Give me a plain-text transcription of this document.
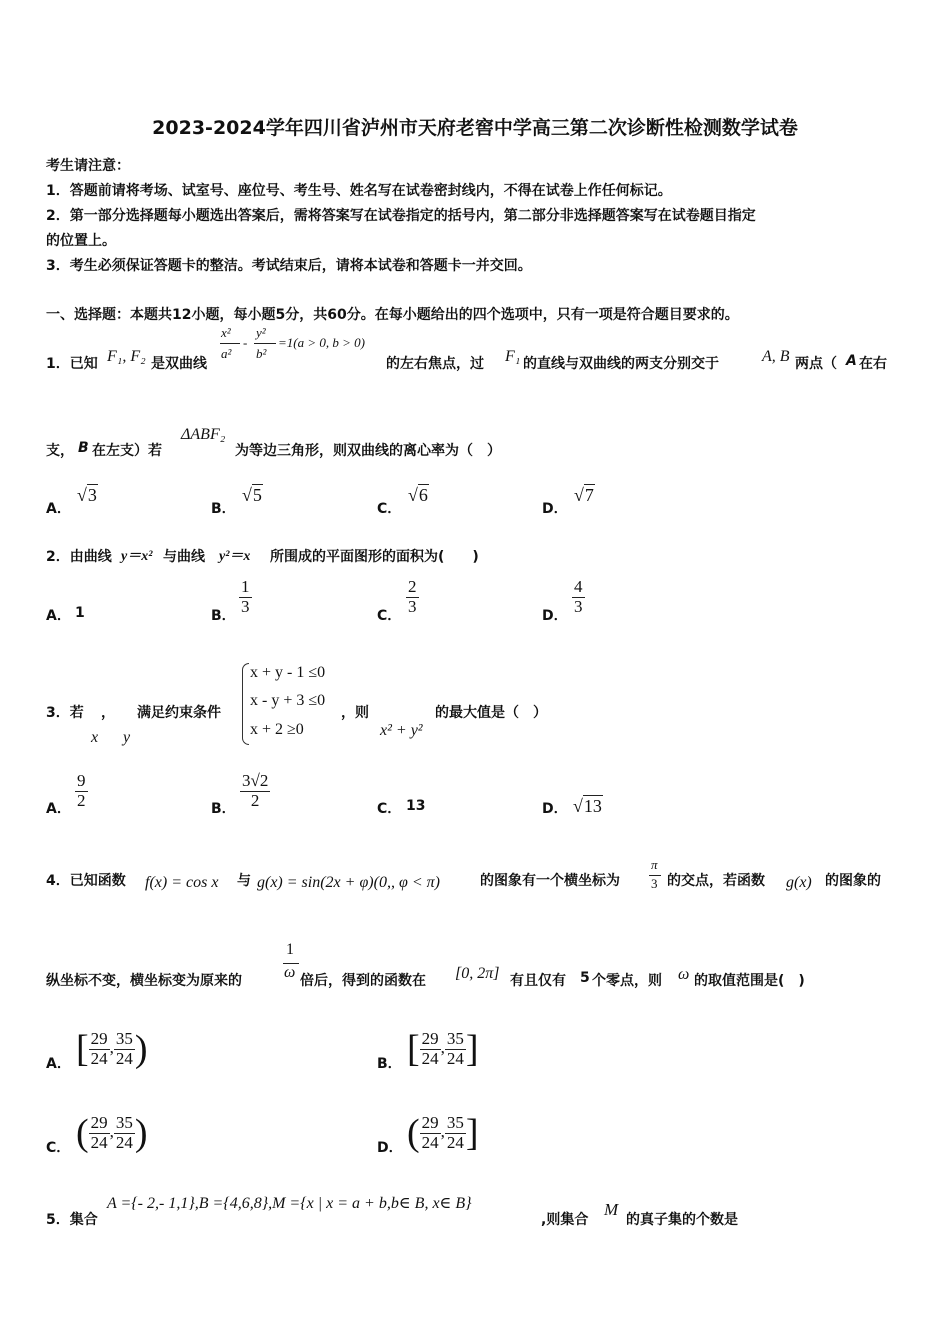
2023-2024学年四川省泸州市天府老窖中学高三第二次诊断性检测数学试卷
考生请注意：
1．答题前请将考场、试室号、座位号、考生号、姓名写在试卷密封线内，不得在试卷上作任何标记。
2．第一部分选择题每小题选出答案后，需将答案写在试卷指定的括号内，第二部分非选择题答案写在试卷题目指定
的位置上。
3．考生必须保证答题卡的整洁。考试结束后，请将本试卷和答题卡一并交回。
一、选择题：本题共12小题，每小题5分，共60分。在每小题给出的四个选项中，只有一项是符合题目要求的。
1．已知 F₁, F₂ 是双曲线
x²
a²
-
y²
b²
=1(a > 0, b > 0)
的左右焦点，过 F₁ 的直线与双曲线的两支分别交于	A, B 两点（ A 在右
支， B 在左支）若
ΔABF₂
为等边三角形，则双曲线的离心率为（　）
A．
√3
B．
√5
C．
√6
D．
√7
2．由曲线 y＝x² 与曲线 y²＝x 所围成的平面图形的面积为(　　)
A． 1	B． $\frac{1}{3}$	C． $\frac{2}{3}$	D． $\frac{4}{3}$
3．若 ， 满足约束条件
x y
x + y - 1 ≤0
x - y + 3 ≤0
x + 2 ≥0
，则
x² + y²
的最大值是（　）
A． $\frac{9}{2}$	B． $\frac{3√2}{2}$	C． 13	D． √13
4．已知函数 f(x) = cos x 与 g(x) = sin(2x + φ)(0,, φ < π)	的图象有一个横坐标为
π
3 的交点，若函数 g(x) 的图象的
纵坐标不变，横坐标变为原来的
1
ω 倍后，得到的函数在 [0, 2π] 有且仅有 5 个零点，则 ω 的取值范围是(　)
A． [ $\frac{29}{24}$ , $\frac{35}{24}$ )	B． [ $\frac{29}{24}$ , $\frac{35}{24}$ ]
C． ( $\frac{29}{24}$ , $\frac{35}{24}$ )	D． ( $\frac{29}{24}$ , $\frac{35}{24}$ ]
5．集合
A ={- 2,- 1,1},B ={4,6,8},M ={x | x = a + b,b∈ B, x∈ B}
,则集合
M
的真子集的个数是
